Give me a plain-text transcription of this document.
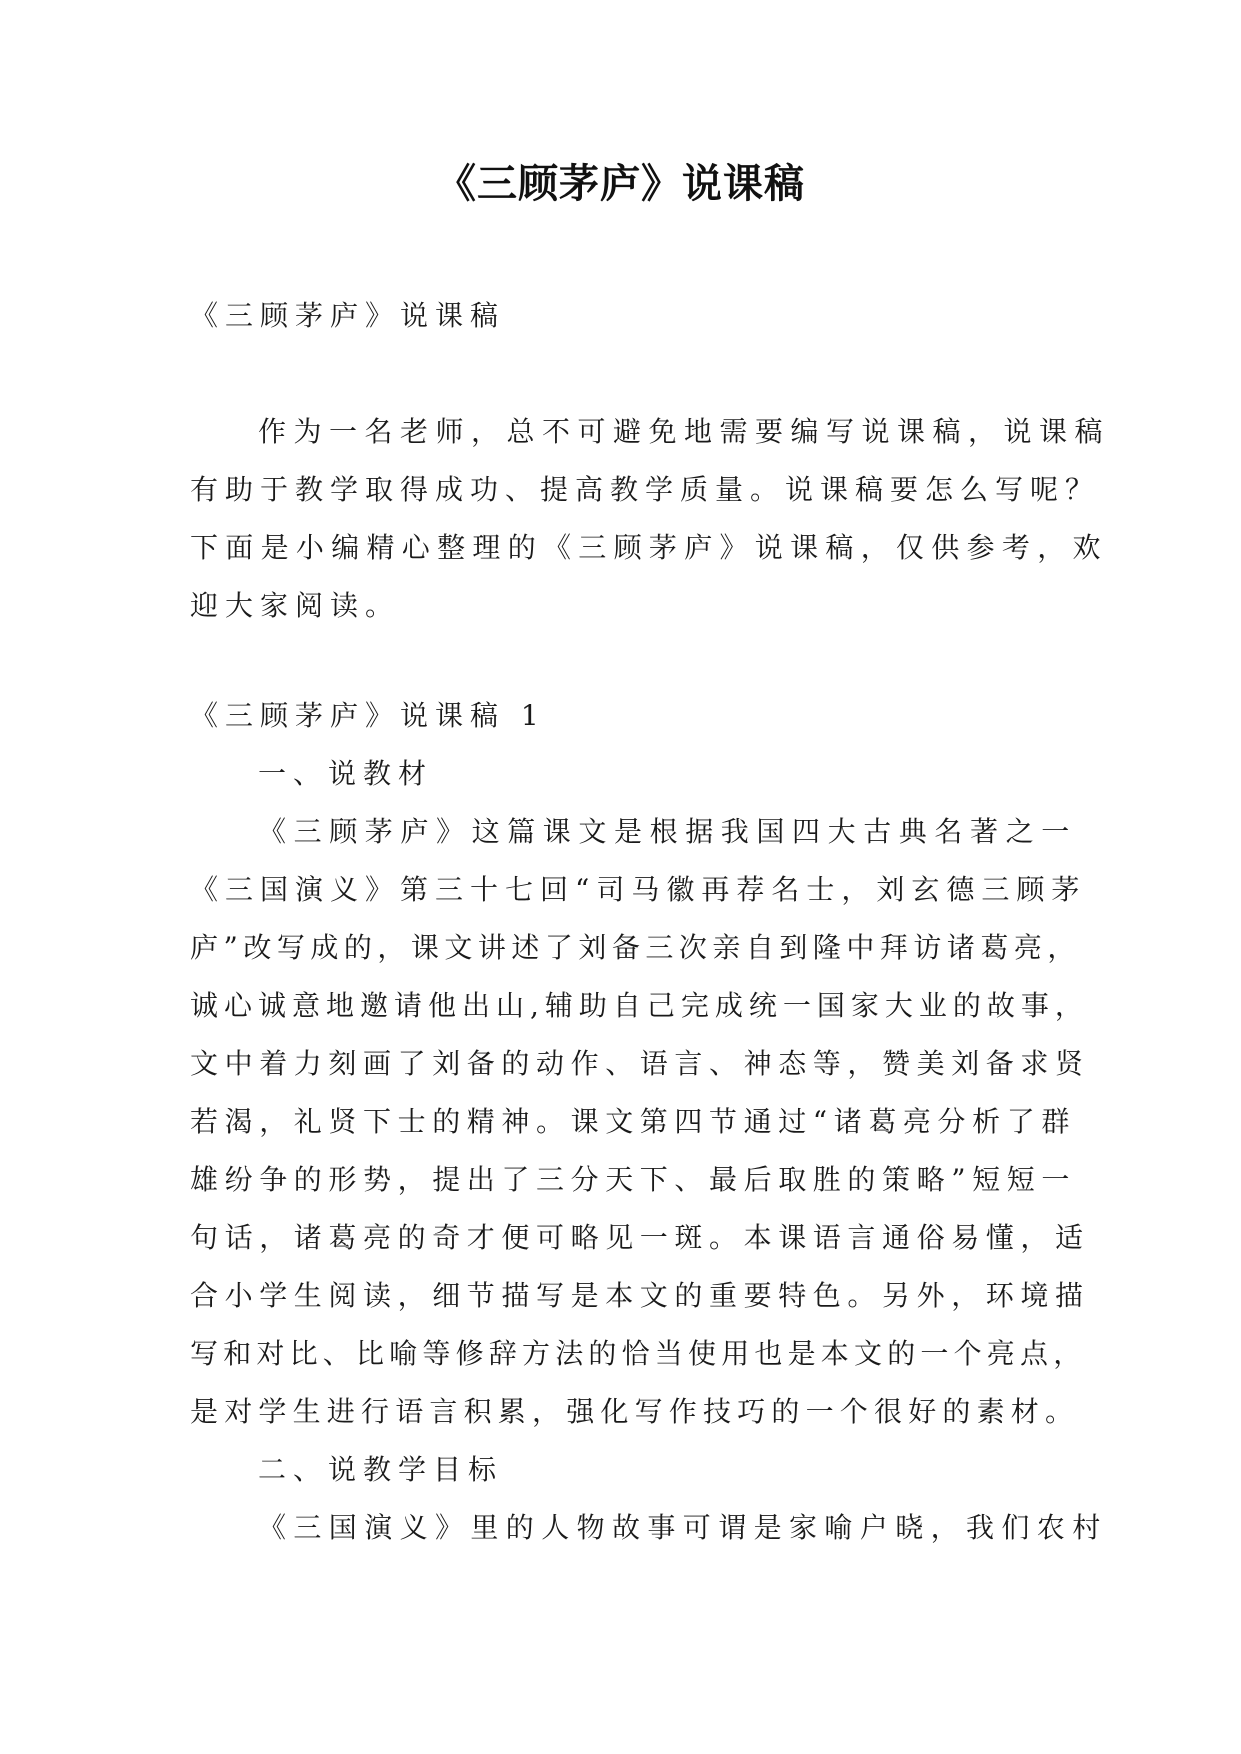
《三顾茅庐》说课稿

《三顾茅庐》说课稿

作为一名老师，总不可避免地需要编写说课稿，说课稿

有助于教学取得成功、提高教学质量。说课稿要怎么写呢？

下面是小编精心整理的《三顾茅庐》说课稿，仅供参考，欢

迎大家阅读。

《三顾茅庐》说课稿 1

一、说教材

《三顾茅庐》这篇课文是根据我国四大古典名著之一

《三国演义》第三十七回“司马徽再荐名士，刘玄德三顾茅

庐”改写成的，课文讲述了刘备三次亲自到隆中拜访诸葛亮，

诚心诚意地邀请他出山,辅助自己完成统一国家大业的故事，

文中着力刻画了刘备的动作、语言、神态等，赞美刘备求贤

若渴，礼贤下士的精神。课文第四节通过“诸葛亮分析了群

雄纷争的形势，提出了三分天下、最后取胜的策略”短短一

句话，诸葛亮的奇才便可略见一斑。本课语言通俗易懂，适

合小学生阅读，细节描写是本文的重要特色。另外，环境描

写和对比、比喻等修辞方法的恰当使用也是本文的一个亮点，

是对学生进行语言积累，强化写作技巧的一个很好的素材。

二、说教学目标

《三国演义》里的人物故事可谓是家喻户晓，我们农村
